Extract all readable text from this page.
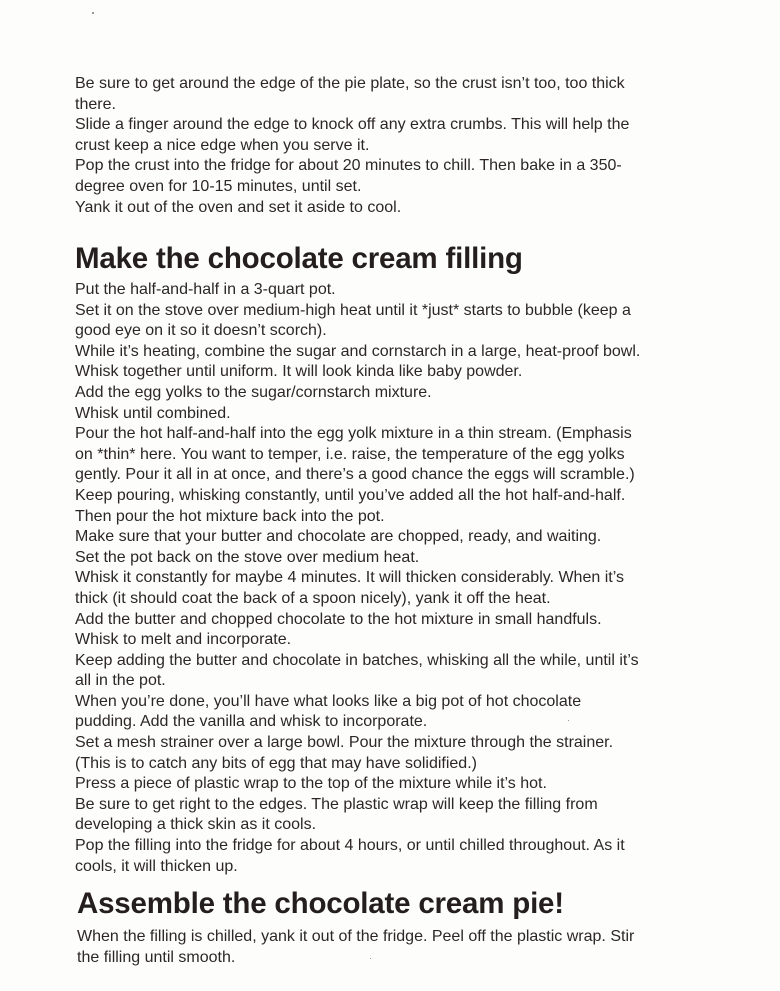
Be sure to get around the edge of the pie plate, so the crust isn’t too, too thick
there.
Slide a finger around the edge to knock off any extra crumbs. This will help the
crust keep a nice edge when you serve it.
Pop the crust into the fridge for about 20 minutes to chill. Then bake in a 350-
degree oven for 10-15 minutes, until set.
Yank it out of the oven and set it aside to cool.
Make the chocolate cream filling
Put the half-and-half in a 3-quart pot.
Set it on the stove over medium-high heat until it *just* starts to bubble (keep a
good eye on it so it doesn’t scorch).
While it’s heating, combine the sugar and cornstarch in a large, heat-proof bowl.
Whisk together until uniform. It will look kinda like baby powder.
Add the egg yolks to the sugar/cornstarch mixture.
Whisk until combined.
Pour the hot half-and-half into the egg yolk mixture in a thin stream. (Emphasis
on *thin* here. You want to temper, i.e. raise, the temperature of the egg yolks
gently. Pour it all in at once, and there’s a good chance the eggs will scramble.)
Keep pouring, whisking constantly, until you’ve added all the hot half-and-half.
Then pour the hot mixture back into the pot.
Make sure that your butter and chocolate are chopped, ready, and waiting.
Set the pot back on the stove over medium heat.
Whisk it constantly for maybe 4 minutes. It will thicken considerably. When it’s
thick (it should coat the back of a spoon nicely), yank it off the heat.
Add the butter and chopped chocolate to the hot mixture in small handfuls.
Whisk to melt and incorporate.
Keep adding the butter and chocolate in batches, whisking all the while, until it’s
all in the pot.
When you’re done, you’ll have what looks like a big pot of hot chocolate
pudding. Add the vanilla and whisk to incorporate.
Set a mesh strainer over a large bowl. Pour the mixture through the strainer.
(This is to catch any bits of egg that may have solidified.)
Press a piece of plastic wrap to the top of the mixture while it’s hot.
Be sure to get right to the edges. The plastic wrap will keep the filling from
developing a thick skin as it cools.
Pop the filling into the fridge for about 4 hours, or until chilled throughout. As it
cools, it will thicken up.
Assemble the chocolate cream pie!
When the filling is chilled, yank it out of the fridge. Peel off the plastic wrap. Stir
the filling until smooth.
